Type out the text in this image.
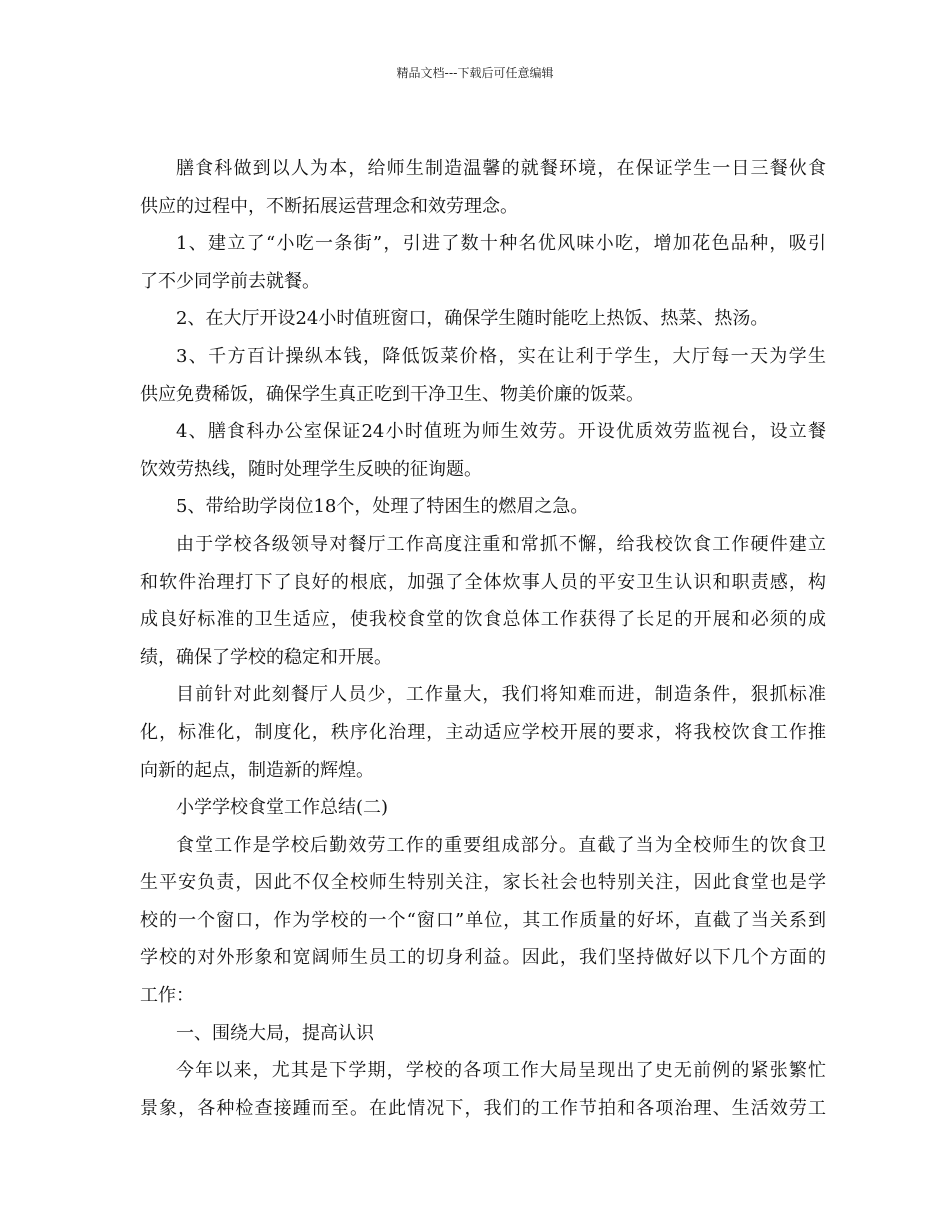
精品文档---下载后可任意编辑
膳食科做到以人为本，给师生制造温馨的就餐环境，在保证学生一日三餐伙食
供应的过程中，不断拓展运营理念和效劳理念。
1、建立了“小吃一条街”，引进了数十种名优风味小吃，增加花色品种，吸引
了不少同学前去就餐。
2、在大厅开设24小时值班窗口，确保学生随时能吃上热饭、热菜、热汤。
3、千方百计操纵本钱，降低饭菜价格，实在让利于学生，大厅每一天为学生
供应免费稀饭，确保学生真正吃到干净卫生、物美价廉的饭菜。
4、膳食科办公室保证24小时值班为师生效劳。开设优质效劳监视台，设立餐
饮效劳热线，随时处理学生反映的征询题。
5、带给助学岗位18个，处理了特困生的燃眉之急。
由于学校各级领导对餐厅工作高度注重和常抓不懈，给我校饮食工作硬件建立
和软件治理打下了良好的根底，加强了全体炊事人员的平安卫生认识和职责感，构
成良好标准的卫生适应，使我校食堂的饮食总体工作获得了长足的开展和必须的成
绩，确保了学校的稳定和开展。
目前针对此刻餐厅人员少，工作量大，我们将知难而进，制造条件，狠抓标准
化，标准化，制度化，秩序化治理，主动适应学校开展的要求，将我校饮食工作推
向新的起点，制造新的辉煌。
小学学校食堂工作总结(二)
食堂工作是学校后勤效劳工作的重要组成部分。直截了当为全校师生的饮食卫
生平安负责，因此不仅全校师生特别关注，家长社会也特别关注，因此食堂也是学
校的一个窗口，作为学校的一个“窗口”单位，其工作质量的好坏，直截了当关系到
学校的对外形象和宽阔师生员工的切身利益。因此，我们坚持做好以下几个方面的
工作：
一、围绕大局，提高认识
今年以来，尤其是下学期，学校的各项工作大局呈现出了史无前例的紧张繁忙
景象，各种检查接踵而至。在此情况下，我们的工作节拍和各项治理、生活效劳工
